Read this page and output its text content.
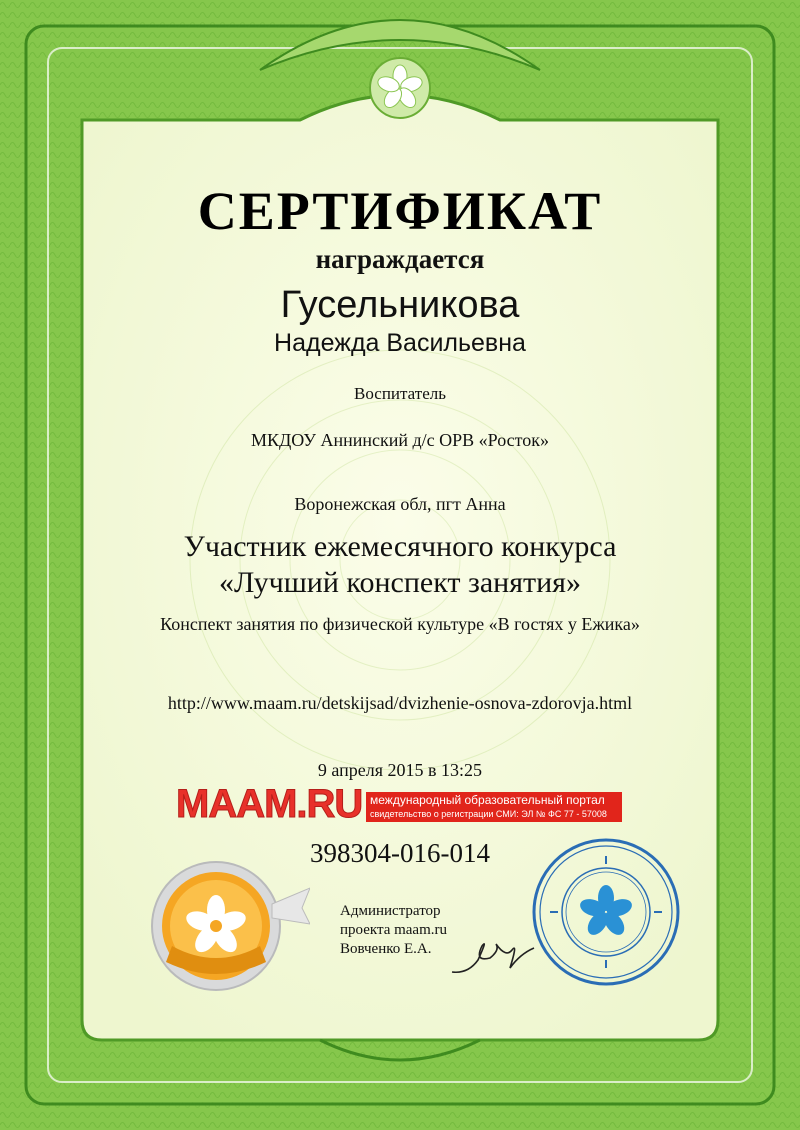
СЕРТИФИКАТ
награждается
Гусельникова
Надежда Васильевна
Воспитатель
МКДОУ Аннинский д/с ОРВ «Росток»
Воронежская обл, пгт Анна
Участник ежемесячного конкурса
«Лучший конспект занятия»
Конспект занятия по физической культуре «В гостях у Ежика»
http://www.maam.ru/detskijsad/dvizhenie-osnova-zdorovja.html
9 апреля 2015 в 13:25
MAAM.RU международный образовательный портал
свидетельство о регистрации СМИ: ЭЛ № ФС 77 - 57008
398304-016-014
Администратор
проекта maam.ru
Вовченко Е.А.
